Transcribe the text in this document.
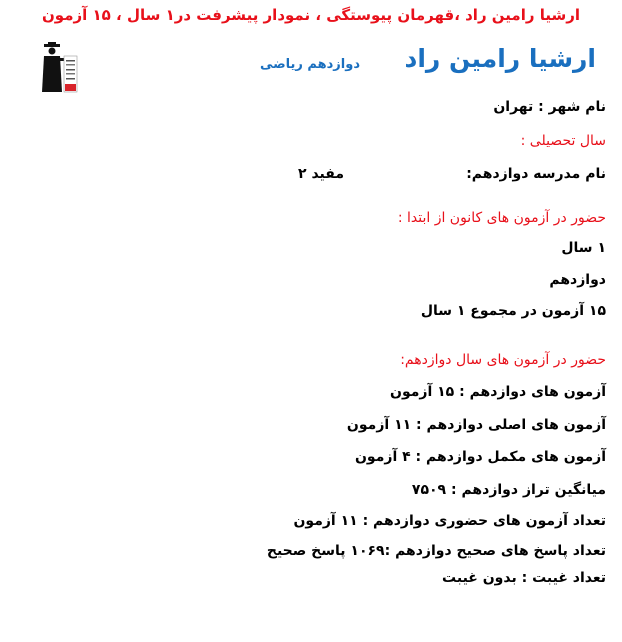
ارشیا رامین راد ،قهرمان پیوستگی ، نمودار پیشرفت در۱ سال ، ۱۵ آزمون
ارشیا رامین راد
دوازدهم ریاضی
نام شهر : تهران
سال تحصیلی :
نام مدرسه دوازدهم:
مفید ۲
حضور در آزمون های کانون از ابتدا :
۱ سال
دوازدهم
۱۵ آزمون در مجموع ۱ سال
حضور در آزمون های سال دوازدهم:
آزمون های دوازدهم : ۱۵ آزمون
آزمون های اصلی دوازدهم : ۱۱ آزمون
آزمون های مکمل دوازدهم : ۴ آزمون
میانگین تراز دوازدهم : ۷۵۰۹
تعداد آزمون های حضوری دوازدهم : ۱۱ آزمون
تعداد پاسخ های صحیح دوازدهم :۱۰۶۹ پاسخ صحیح
تعداد غیبت : بدون غیبت
